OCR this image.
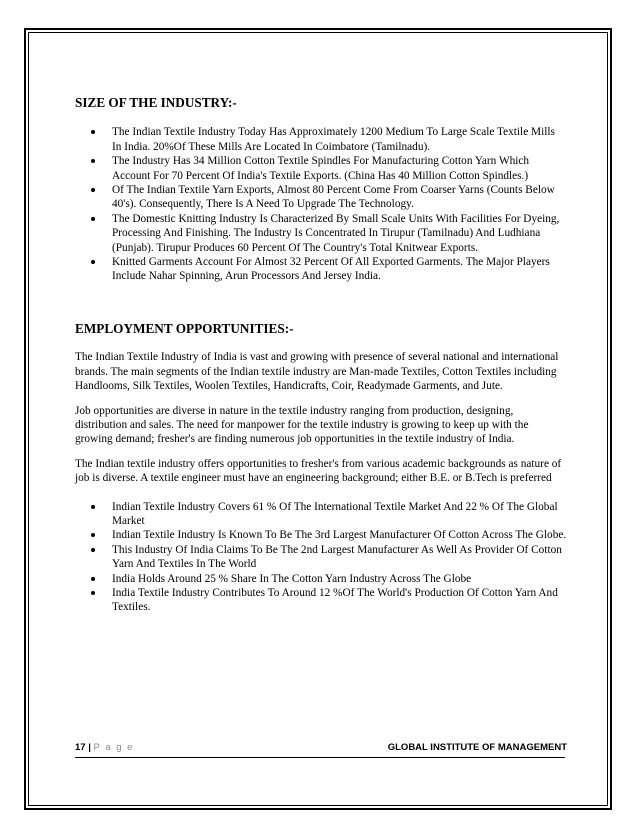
SIZE OF THE INDUSTRY:-
The Indian Textile Industry Today Has Approximately 1200 Medium To Large Scale Textile Mills In India. 20%Of These Mills Are Located In Coimbatore (Tamilnadu).
The Industry Has 34 Million Cotton Textile Spindles For Manufacturing Cotton Yarn Which Account For 70 Percent Of India's Textile Exports. (China Has 40 Million Cotton Spindles.)
Of The Indian Textile Yarn Exports, Almost 80 Percent Come From Coarser Yarns (Counts Below 40's). Consequently, There Is A Need To Upgrade The Technology.
The Domestic Knitting Industry Is Characterized By Small Scale Units With Facilities For Dyeing, Processing And Finishing. The Industry Is Concentrated In Tirupur (Tamilnadu) And Ludhiana (Punjab). Tirupur Produces 60 Percent Of The Country's Total Knitwear Exports.
Knitted Garments Account For Almost 32 Percent Of All Exported Garments. The Major Players Include Nahar Spinning, Arun Processors And Jersey India.
EMPLOYMENT OPPORTUNITIES:-

The Indian Textile Industry of India is vast and growing with presence of several national and international brands. The main segments of the Indian textile industry are Man-made Textiles, Cotton Textiles including Handlooms, Silk Textiles, Woolen Textiles, Handicrafts, Coir, Readymade Garments, and Jute.

Job opportunities are diverse in nature in the textile industry ranging from production, designing, distribution and sales. The need for manpower for the textile industry is growing to keep up with the growing demand; fresher's are finding numerous job opportunities in the textile industry of India.

The Indian textile industry offers opportunities to fresher's from various academic backgrounds as nature of job is diverse. A textile engineer must have an engineering background; either B.E. or B.Tech is preferred

Indian Textile Industry Covers 61 % Of The International Textile Market And 22 % Of The Global Market
Indian Textile Industry Is Known To Be The 3rd Largest Manufacturer Of Cotton Across The Globe.
This Industry Of India Claims To Be The 2nd Largest Manufacturer As Well As Provider Of Cotton Yarn And Textiles In The World
India Holds Around 25 % Share In The Cotton Yarn Industry Across The Globe
India Textile Industry Contributes To Around 12 %Of The World's Production Of Cotton Yarn And Textiles.
17 | P a g e	GLOBAL INSTITUTE OF MANAGEMENT
